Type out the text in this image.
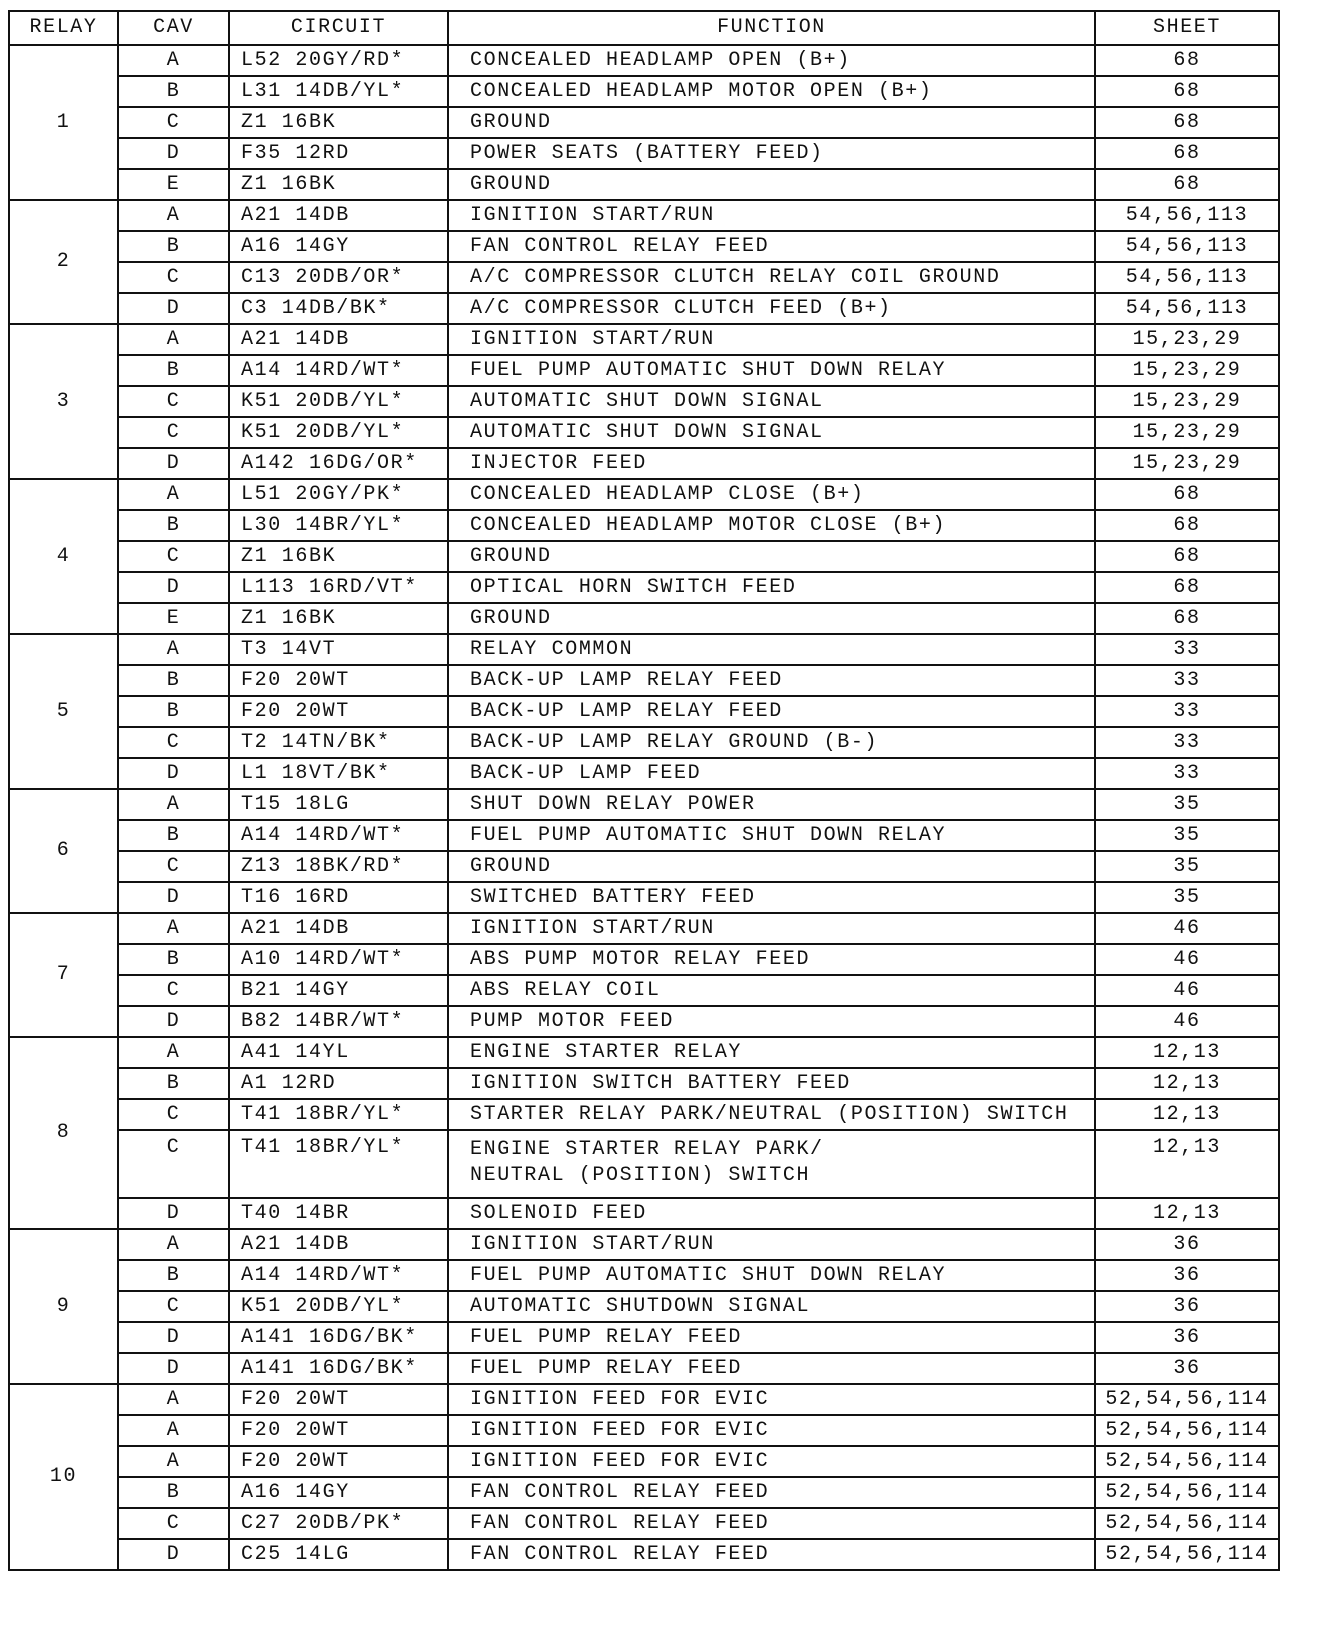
RELAY	CAV	CIRCUIT	FUNCTION	SHEET
1	A	L52 20GY/RD*	CONCEALED HEADLAMP OPEN (B+)	68
	B	L31 14DB/YL*	CONCEALED HEADLAMP MOTOR OPEN (B+)	68
	C	Z1 16BK	GROUND	68
	D	F35 12RD	POWER SEATS (BATTERY FEED)	68
	E	Z1 16BK	GROUND	68
2	A	A21 14DB	IGNITION START/RUN	54,56,113
	B	A16 14GY	FAN CONTROL RELAY FEED	54,56,113
	C	C13 20DB/OR*	A/C COMPRESSOR CLUTCH RELAY COIL GROUND	54,56,113
	D	C3 14DB/BK*	A/C COMPRESSOR CLUTCH FEED (B+)	54,56,113
3	A	A21 14DB	IGNITION START/RUN	15,23,29
	B	A14 14RD/WT*	FUEL PUMP AUTOMATIC SHUT DOWN RELAY	15,23,29
	C	K51 20DB/YL*	AUTOMATIC SHUT DOWN SIGNAL	15,23,29
	C	K51 20DB/YL*	AUTOMATIC SHUT DOWN SIGNAL	15,23,29
	D	A142 16DG/OR*	INJECTOR FEED	15,23,29
4	A	L51 20GY/PK*	CONCEALED HEADLAMP CLOSE (B+)	68
	B	L30 14BR/YL*	CONCEALED HEADLAMP MOTOR CLOSE (B+)	68
	C	Z1 16BK	GROUND	68
	D	L113 16RD/VT*	OPTICAL HORN SWITCH FEED	68
	E	Z1 16BK	GROUND	68
5	A	T3 14VT	RELAY COMMON	33
	B	F20 20WT	BACK-UP LAMP RELAY FEED	33
	B	F20 20WT	BACK-UP LAMP RELAY FEED	33
	C	T2 14TN/BK*	BACK-UP LAMP RELAY GROUND (B-)	33
	D	L1 18VT/BK*	BACK-UP LAMP FEED	33
6	A	T15 18LG	SHUT DOWN RELAY POWER	35
	B	A14 14RD/WT*	FUEL PUMP AUTOMATIC SHUT DOWN RELAY	35
	C	Z13 18BK/RD*	GROUND	35
	D	T16 16RD	SWITCHED BATTERY FEED	35
7	A	A21 14DB	IGNITION START/RUN	46
	B	A10 14RD/WT*	ABS PUMP MOTOR RELAY FEED	46
	C	B21 14GY	ABS RELAY COIL	46
	D	B82 14BR/WT*	PUMP MOTOR FEED	46
8	A	A41 14YL	ENGINE STARTER RELAY	12,13
	B	A1 12RD	IGNITION SWITCH BATTERY FEED	12,13
	C	T41 18BR/YL*	STARTER RELAY PARK/NEUTRAL (POSITION) SWITCH	12,13
	C	T41 18BR/YL*	ENGINE STARTER RELAY PARK/
NEUTRAL (POSITION) SWITCH	12,13
	D	T40 14BR	SOLENOID FEED	12,13
9	A	A21 14DB	IGNITION START/RUN	36
	B	A14 14RD/WT*	FUEL PUMP AUTOMATIC SHUT DOWN RELAY	36
	C	K51 20DB/YL*	AUTOMATIC SHUTDOWN SIGNAL	36
	D	A141 16DG/BK*	FUEL PUMP RELAY FEED	36
	D	A141 16DG/BK*	FUEL PUMP RELAY FEED	36
10	A	F20 20WT	IGNITION FEED FOR EVIC	52,54,56,114
	A	F20 20WT	IGNITION FEED FOR EVIC	52,54,56,114
	A	F20 20WT	IGNITION FEED FOR EVIC	52,54,56,114
	B	A16 14GY	FAN CONTROL RELAY FEED	52,54,56,114
	C	C27 20DB/PK*	FAN CONTROL RELAY FEED	52,54,56,114
	D	C25 14LG	FAN CONTROL RELAY FEED	52,54,56,114
